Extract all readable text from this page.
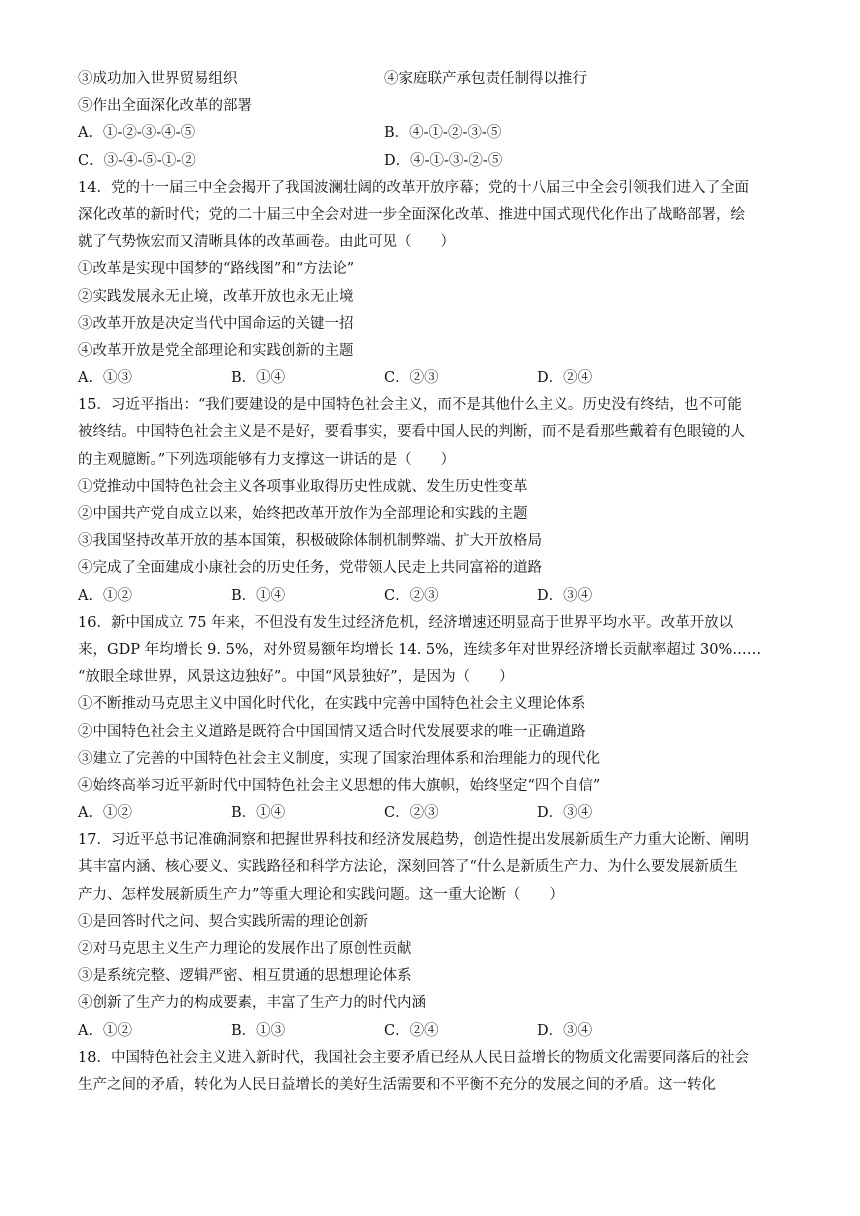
③成功加入世界贸易组织	④家庭联产承包责任制得以推行
⑤作出全面深化改革的部署
A．①-②-③-④-⑤	B．④-①-②-③-⑤
C．③-④-⑤-①-②	D．④-①-③-②-⑤
14．党的十一届三中全会揭开了我国波澜壮阔的改革开放序幕；党的十八届三中全会引领我们进入了全面
深化改革的新时代；党的二十届三中全会对进一步全面深化改革、推进中国式现代化作出了战略部署，绘
就了气势恢宏而又清晰具体的改革画卷。由此可见（　　）
①改革是实现中国梦的“路线图”和“方法论”
②实践发展永无止境，改革开放也永无止境
③改革开放是决定当代中国命运的关键一招
④改革开放是党全部理论和实践创新的主题
A．①③	B．①④	C．②③	D．②④
15．习近平指出：“我们要建设的是中国特色社会主义，而不是其他什么主义。历史没有终结，也不可能
被终结。中国特色社会主义是不是好，要看事实，要看中国人民的判断，而不是看那些戴着有色眼镜的人
的主观臆断。”下列选项能够有力支撑这一讲话的是（　　）
①党推动中国特色社会主义各项事业取得历史性成就、发生历史性变革
②中国共产党自成立以来，始终把改革开放作为全部理论和实践的主题
③我国坚持改革开放的基本国策，积极破除体制机制弊端、扩大开放格局
④完成了全面建成小康社会的历史任务，党带领人民走上共同富裕的道路
A．①②	B．①④	C．②③	D．③④
16．新中国成立 75 年来，不但没有发生过经济危机，经济增速还明显高于世界平均水平。改革开放以
来，GDP 年均增长 9. 5%，对外贸易额年均增长 14. 5%，连续多年对世界经济增长贡献率超过 30%……
“放眼全球世界，风景这边独好”。中国“风景独好”，是因为（　　）
①不断推动马克思主义中国化时代化，在实践中完善中国特色社会主义理论体系
②中国特色社会主义道路是既符合中国国情又适合时代发展要求的唯一正确道路
③建立了完善的中国特色社会主义制度，实现了国家治理体系和治理能力的现代化
④始终高举习近平新时代中国特色社会主义思想的伟大旗帜，始终坚定“四个自信”
A．①②	B．①④	C．②③	D．③④
17．习近平总书记准确洞察和把握世界科技和经济发展趋势，创造性提出发展新质生产力重大论断、阐明
其丰富内涵、核心要义、实践路径和科学方法论，深刻回答了“什么是新质生产力、为什么要发展新质生
产力、怎样发展新质生产力”等重大理论和实践问题。这一重大论断（　　）
①是回答时代之问、契合实践所需的理论创新
②对马克思主义生产力理论的发展作出了原创性贡献
③是系统完整、逻辑严密、相互贯通的思想理论体系
④创新了生产力的构成要素，丰富了生产力的时代内涵
A．①②	B．①③	C．②④	D．③④
18．中国特色社会主义进入新时代，我国社会主要矛盾已经从人民日益增长的物质文化需要同落后的社会
生产之间的矛盾，转化为人民日益增长的美好生活需要和不平衡不充分的发展之间的矛盾。这一转化
